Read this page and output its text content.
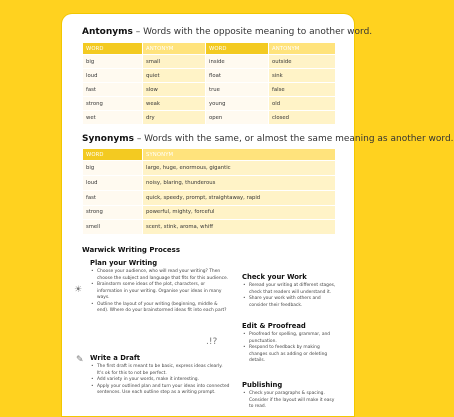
Antonyms – Words with the opposite meaning to another word.
WORD	ANTONYM	WORD	ANTONYM
big	small	inside	outside
loud	quiet	float	sink
fast	slow	true	false
strong	weak	young	old
wet	dry	open	closed
Synonyms – Words with the same, or almost the same meaning as another word.
WORD	SYNONYM
big	large, huge, enormous, gigantic
loud	noisy, blaring, thunderous
fast	quick, speedy, prompt, straightaway, rapid
strong	powerful, mighty, forceful
smell	scent, stink, aroma, whiff
Warwick Writing Process
☀
✎
.!?
Plan your Writing
• Choose your audience, who will read your writing? Then choose the subject and language that fits for this audience.
• Brainstorm some ideas of the plot, characters, or information in your writing. Organise your ideas in many ways.
• Outline the layout of your writing (beginning, middle & end). Where do your brainstormed ideas fit into each part?
Write a Draft
• The first draft is meant to be basic, express ideas clearly. It's ok for this to not be perfect.
• Add variety in your words, make it interesting.
• Apply your outlined plan and turn your ideas into connected sentences. Use each outline step as a writing prompt.
Check your Work
• Reread your writing at different stages, check that readers will understand it.
• Share your work with others and consider their feedback.
Edit & Proofread
• Proofread for spelling, grammar, and punctuation.
• Respond to feedback by making changes such as adding or deleting details.
Publishing
• Check your paragraphs & spacing. Consider if the layout will make it easy to read.
